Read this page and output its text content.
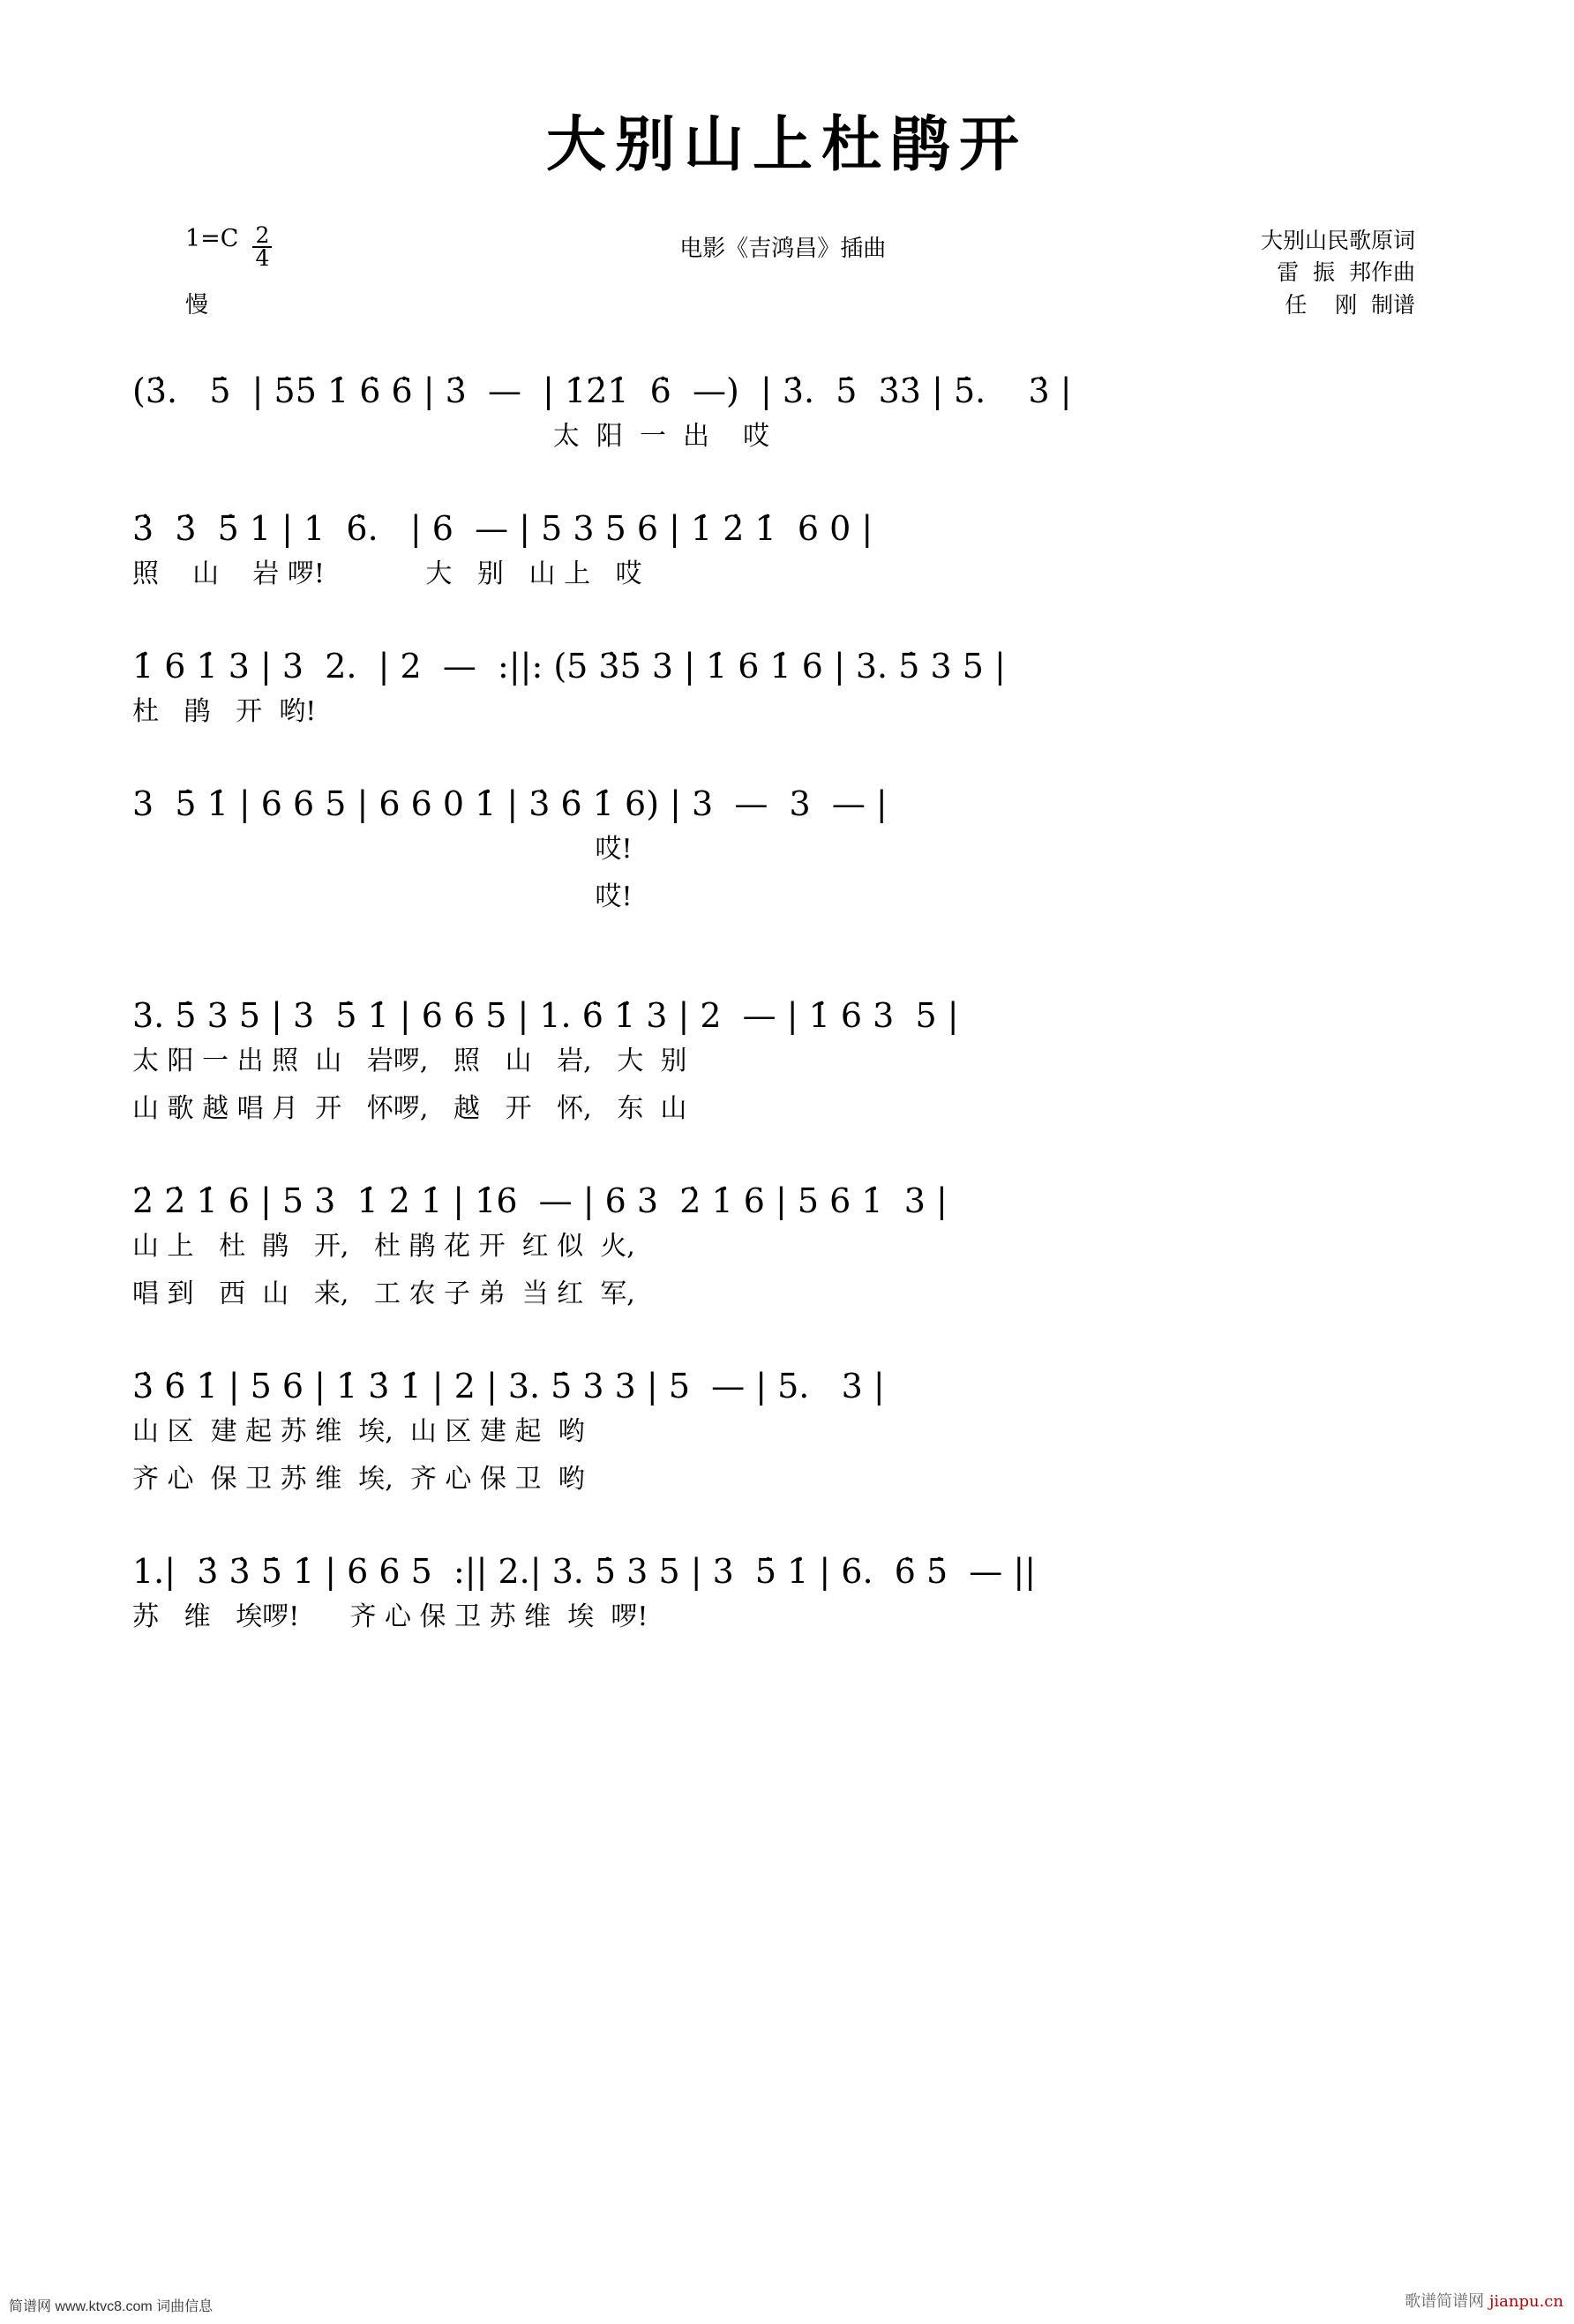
大别山上杜鹃开
$1=C \frac{2}{4}$
慢
电影《吉鸿昌》插曲	大别山民歌原词
雷  振  邦作曲
任    刚  制谱
(3̇.   5̇  | 5̇5̇ 1̇ 6̇ 6̇ | 3̇  —  | 1̇2̇1̇  6̇  —)  | 3̇.  5̇  3̇3̇ | 5̇.    3̇ |
太  阳  一  出    哎
3̇  3̇  5̇ 1 | 1  6̇.   | 6  — | 5 3 5 6 | 1̇ 2̇ 1̇  6 0 |
照    山    岩 啰!            大   别   山 上   哎
1̇ 6 1̇ 3 | 3  2.  | 2  —  :||: (5 3̇5̇ 3 | 1̇ 6 1̇ 6 | 3. 5̇ 3 5 |
杜   鹃   开  哟!
3  5̇ 1̇ | 6 6 5 | 6 6 0 1̇ | 3̇ 6̇ 1̇ 6) | 3  —  3  — |
哎!
哎!
3. 5̇ 3 5 | 3  5̇ 1̇ | 6 6 5 | 1. 6̇ 1̇ 3 | 2  — | 1̇ 6 3  5 |
太 阳 一 出 照  山   岩啰,   照   山   岩,   大  别
山 歌 越 唱 月  开   怀啰,   越   开   怀,   东  山
2̇ 2̇ 1̇ 6 | 5 3  1̇ 2̇ 1̇ | 1̇6  — | 6 3  2̇ 1̇ 6 | 5 6 1̇  3 |
山 上   杜  鹃   开,   杜 鹃 花 开  红 似  火,
唱 到   西  山   来,   工 农 子 弟  当 红  军,
3̇ 6̇ 1̇ | 5 6 | 1̇ 3̇ 1̇ | 2 | 3. 5̇ 3 3 | 5  — | 5.   3 |
山 区  建 起 苏 维  埃,  山 区 建 起  哟
齐 心  保 卫 苏 维  埃,  齐 心 保 卫  哟
1.|  3̇ 3̇ 5̇ 1̇ | 6 6 5  :|| 2.| 3. 5̇ 3 5 | 3  5̇ 1̇ | 6.  6̇ 5̇  — ||
苏   维   埃啰!      齐 心 保 卫 苏 维  埃  啰!
简谱网 www.ktvc8.com 词曲信息	歌谱简谱网 jianpu.cn
